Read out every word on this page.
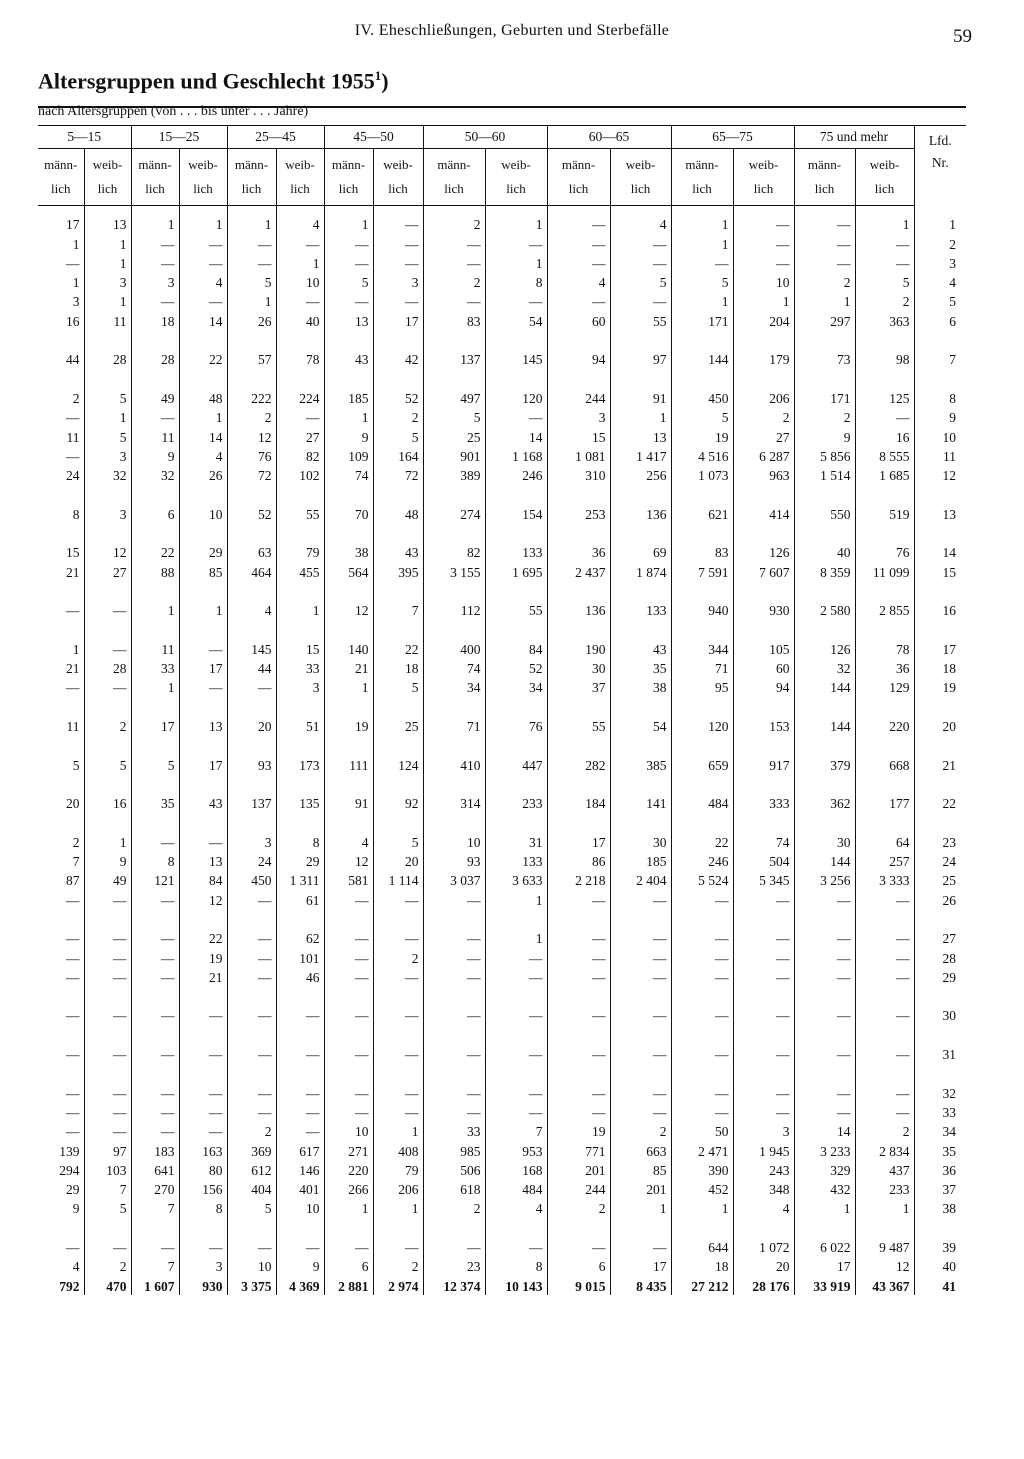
IV. Eheschließungen, Geburten und Sterbefälle	59
Altersgruppen und Geschlecht 1955$^1$)
nach Altersgruppen (von . . . bis unter . . . Jahre)
5—15		15—25		25—45		45—50		50—60		60—65		65—75		75 und mehr		Lfd.
Nr.
männ-
lich	weib-
lich	männ-
lich	weib-
lich	männ-
lich	weib-
lich	männ-
lich	weib-
lich	männ-
lich	weib-
lich	männ-
lich	weib-
lich	männ-
lich	weib-
lich	männ-
lich	weib-
lich	
17	13	1	1	1	4	1	—	2	1	—	4	1	—	—	1	1
1	1	—	—	—	—	—	—	—	—	—	—	1	—	—	—	2
—	1	—	—	—	1	—	—	—	1	—	—	—	—	—	—	3
1	3	3	4	5	10	5	3	2	8	4	5	5	10	2	5	4
3	1	—	—	1	—	—	—	—	—	—	—	1	1	1	2	5
16	11	18	14	26	40	13	17	83	54	60	55	171	204	297	363	6

44	28	28	22	57	78	43	42	137	145	94	97	144	179	73	98	7

2	5	49	48	222	224	185	52	497	120	244	91	450	206	171	125	8
—	1	—	1	2	—	1	2	5	—	3	1	5	2	2	—	9
11	5	11	14	12	27	9	5	25	14	15	13	19	27	9	16	10
—	3	9	4	76	82	109	164	901	1 168	1 081	1 417	4 516	6 287	5 856	8 555	11
24	32	32	26	72	102	74	72	389	246	310	256	1 073	963	1 514	1 685	12

8	3	6	10	52	55	70	48	274	154	253	136	621	414	550	519	13

15	12	22	29	63	79	38	43	82	133	36	69	83	126	40	76	14
21	27	88	85	464	455	564	395	3 155	1 695	2 437	1 874	7 591	7 607	8 359	11 099	15

—	—	1	1	4	1	12	7	112	55	136	133	940	930	2 580	2 855	16

1	—	11	—	145	15	140	22	400	84	190	43	344	105	126	78	17
21	28	33	17	44	33	21	18	74	52	30	35	71	60	32	36	18
—	—	1	—	—	3	1	5	34	34	37	38	95	94	144	129	19

11	2	17	13	20	51	19	25	71	76	55	54	120	153	144	220	20

5	5	5	17	93	173	111	124	410	447	282	385	659	917	379	668	21

20	16	35	43	137	135	91	92	314	233	184	141	484	333	362	177	22

2	1	—	—	3	8	4	5	10	31	17	30	22	74	30	64	23
7	9	8	13	24	29	12	20	93	133	86	185	246	504	144	257	24
87	49	121	84	450	1 311	581	1 114	3 037	3 633	2 218	2 404	5 524	5 345	3 256	3 333	25
—	—	—	12	—	61	—	—	—	1	—	—	—	—	—	—	26

—	—	—	22	—	62	—	—	—	1	—	—	—	—	—	—	27
—	—	—	19	—	101	—	2	—	—	—	—	—	—	—	—	28
—	—	—	21	—	46	—	—	—	—	—	—	—	—	—	—	29

—	—	—	—	—	—	—	—	—	—	—	—	—	—	—	—	30

—	—	—	—	—	—	—	—	—	—	—	—	—	—	—	—	31

—	—	—	—	—	—	—	—	—	—	—	—	—	—	—	—	32
—	—	—	—	—	—	—	—	—	—	—	—	—	—	—	—	33
—	—	—	—	2	—	10	1	33	7	19	2	50	3	14	2	34
139	97	183	163	369	617	271	408	985	953	771	663	2 471	1 945	3 233	2 834	35
294	103	641	80	612	146	220	79	506	168	201	85	390	243	329	437	36
29	7	270	156	404	401	266	206	618	484	244	201	452	348	432	233	37
9	5	7	8	5	10	1	1	2	4	2	1	1	4	1	1	38

—	—	—	—	—	—	—	—	—	—	—	—	644	1 072	6 022	9 487	39
4	2	7	3	10	9	6	2	23	8	6	17	18	20	17	12	40
792	470	1 607	930	3 375	4 369	2 881	2 974	12 374	10 143	9 015	8 435	27 212	28 176	33 919	43 367	41
